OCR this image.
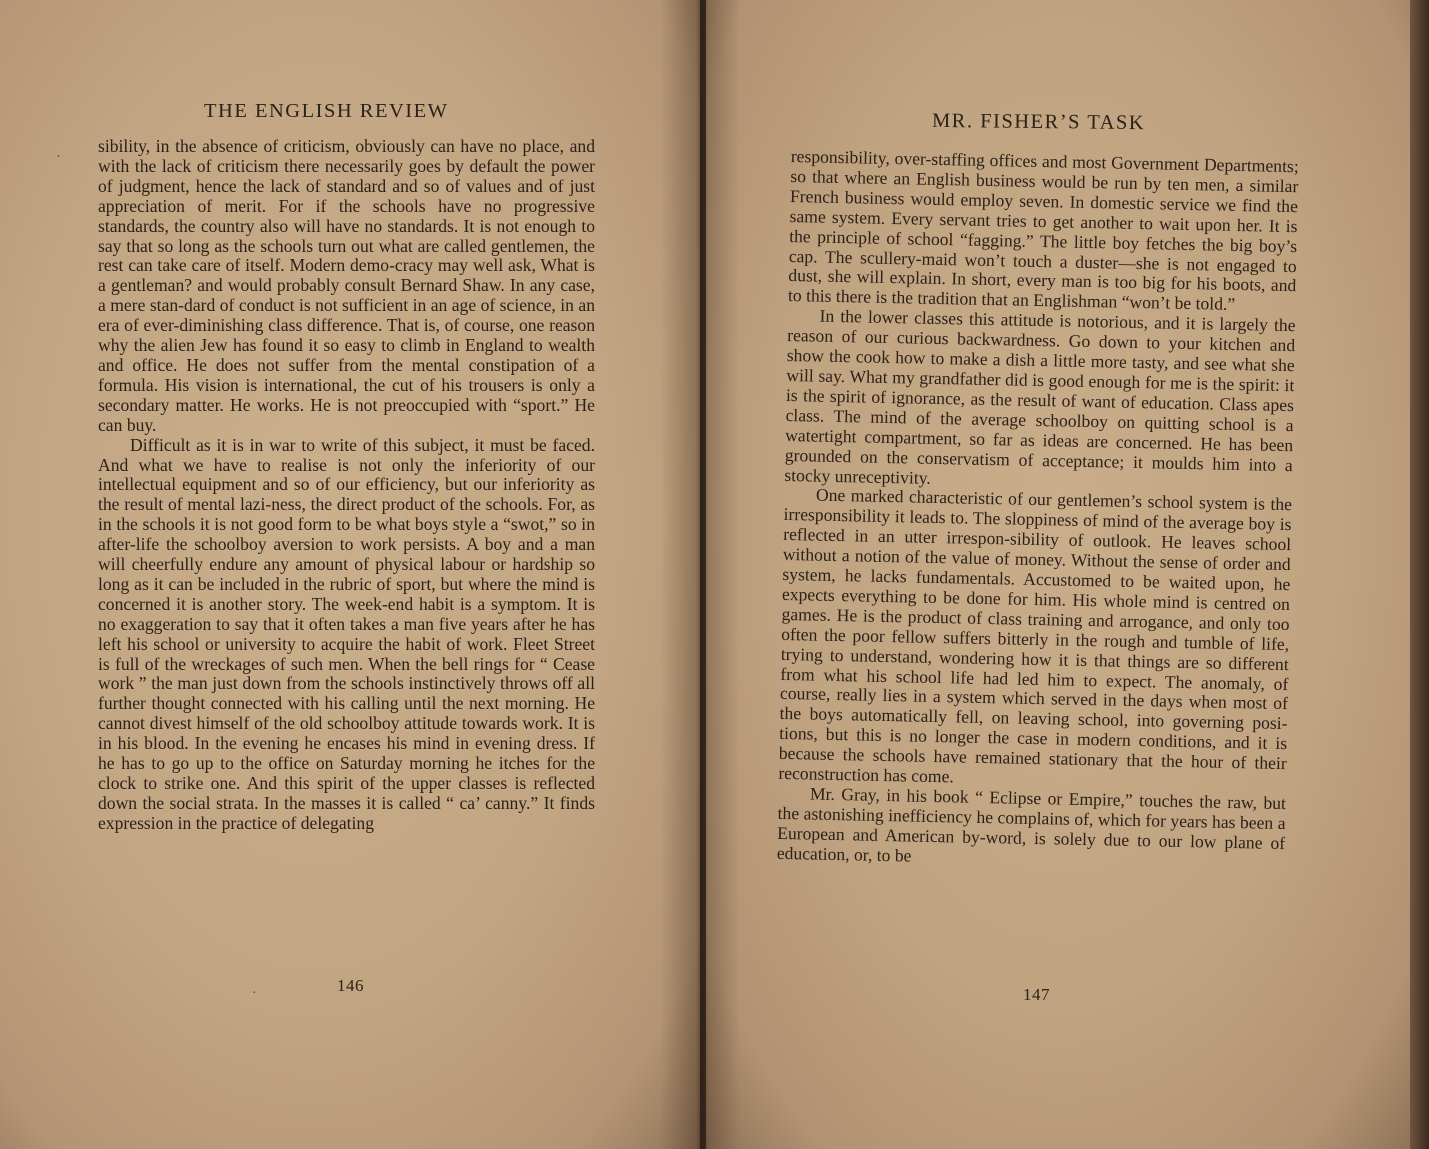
THE ENGLISH REVIEW

sibility, in the absence of criticism, obviously can have no place, and with the lack of criticism there necessarily goes by default the power of judgment, hence the lack of standard and so of values and of just appreciation of merit. For if the schools have no progressive standards, the country also will have no standards. It is not enough to say that so long as the schools turn out what are called gentlemen, the rest can take care of itself. Modern demo-cracy may well ask, What is a gentleman? and would probably consult Bernard Shaw. In any case, a mere stan-dard of conduct is not sufficient in an age of science, in an era of ever-diminishing class difference. That is, of course, one reason why the alien Jew has found it so easy to climb in England to wealth and office. He does not suffer from the mental constipation of a formula. His vision is international, the cut of his trousers is only a secondary matter. He works. He is not preoccupied with “sport.” He can buy.

Difficult as it is in war to write of this subject, it must be faced. And what we have to realise is not only the inferiority of our intellectual equipment and so of our efficiency, but our inferiority as the result of mental lazi-ness, the direct product of the schools. For, as in the schools it is not good form to be what boys style a “swot,” so in after-life the schoolboy aversion to work persists. A boy and a man will cheerfully endure any amount of physical labour or hardship so long as it can be included in the rubric of sport, but where the mind is concerned it is another story. The week-end habit is a symptom. It is no exaggeration to say that it often takes a man five years after he has left his school or university to acquire the habit of work. Fleet Street is full of the wreckages of such men. When the bell rings for “ Cease work ” the man just down from the schools instinctively throws off all further thought connected with his calling until the next morning. He cannot divest himself of the old schoolboy attitude towards work. It is in his blood. In the evening he encases his mind in evening dress. If he has to go up to the office on Saturday morning he itches for the clock to strike one. And this spirit of the upper classes is reflected down the social strata. In the masses it is called “ ca’ canny.” It finds expression in the practice of delegating

146
·
·
MR. FISHER’S TASK

responsibility, over-staffing offices and most Government Departments; so that where an English business would be run by ten men, a similar French business would employ seven. In domestic service we find the same system. Every servant tries to get another to wait upon her. It is the principle of school “fagging.” The little boy fetches the big boy’s cap. The scullery-maid won’t touch a duster—she is not engaged to dust, she will explain. In short, every man is too big for his boots, and to this there is the tradition that an Englishman “won’t be told.”

In the lower classes this attitude is notorious, and it is largely the reason of our curious backwardness. Go down to your kitchen and show the cook how to make a dish a little more tasty, and see what she will say. What my grandfather did is good enough for me is the spirit: it is the spirit of ignorance, as the result of want of education. Class apes class. The mind of the average schoolboy on quitting school is a watertight compartment, so far as ideas are concerned. He has been grounded on the conservatism of acceptance; it moulds him into a stocky unreceptivity.

One marked characteristic of our gentlemen’s school system is the irresponsibility it leads to. The sloppiness of mind of the average boy is reflected in an utter irrespon-sibility of outlook. He leaves school without a notion of the value of money. Without the sense of order and system, he lacks fundamentals. Accustomed to be waited upon, he expects everything to be done for him. His whole mind is centred on games. He is the product of class training and arrogance, and only too often the poor fellow suffers bitterly in the rough and tumble of life, trying to understand, wondering how it is that things are so different from what his school life had led him to expect. The anomaly, of course, really lies in a system which served in the days when most of the boys automatically fell, on leaving school, into governing posi-tions, but this is no longer the case in modern conditions, and it is because the schools have remained stationary that the hour of their reconstruction has come.

Mr. Gray, in his book “ Eclipse or Empire,” touches the raw, but the astonishing inefficiency he complains of, which for years has been a European and American by-word, is solely due to our low plane of education, or, to be

147
